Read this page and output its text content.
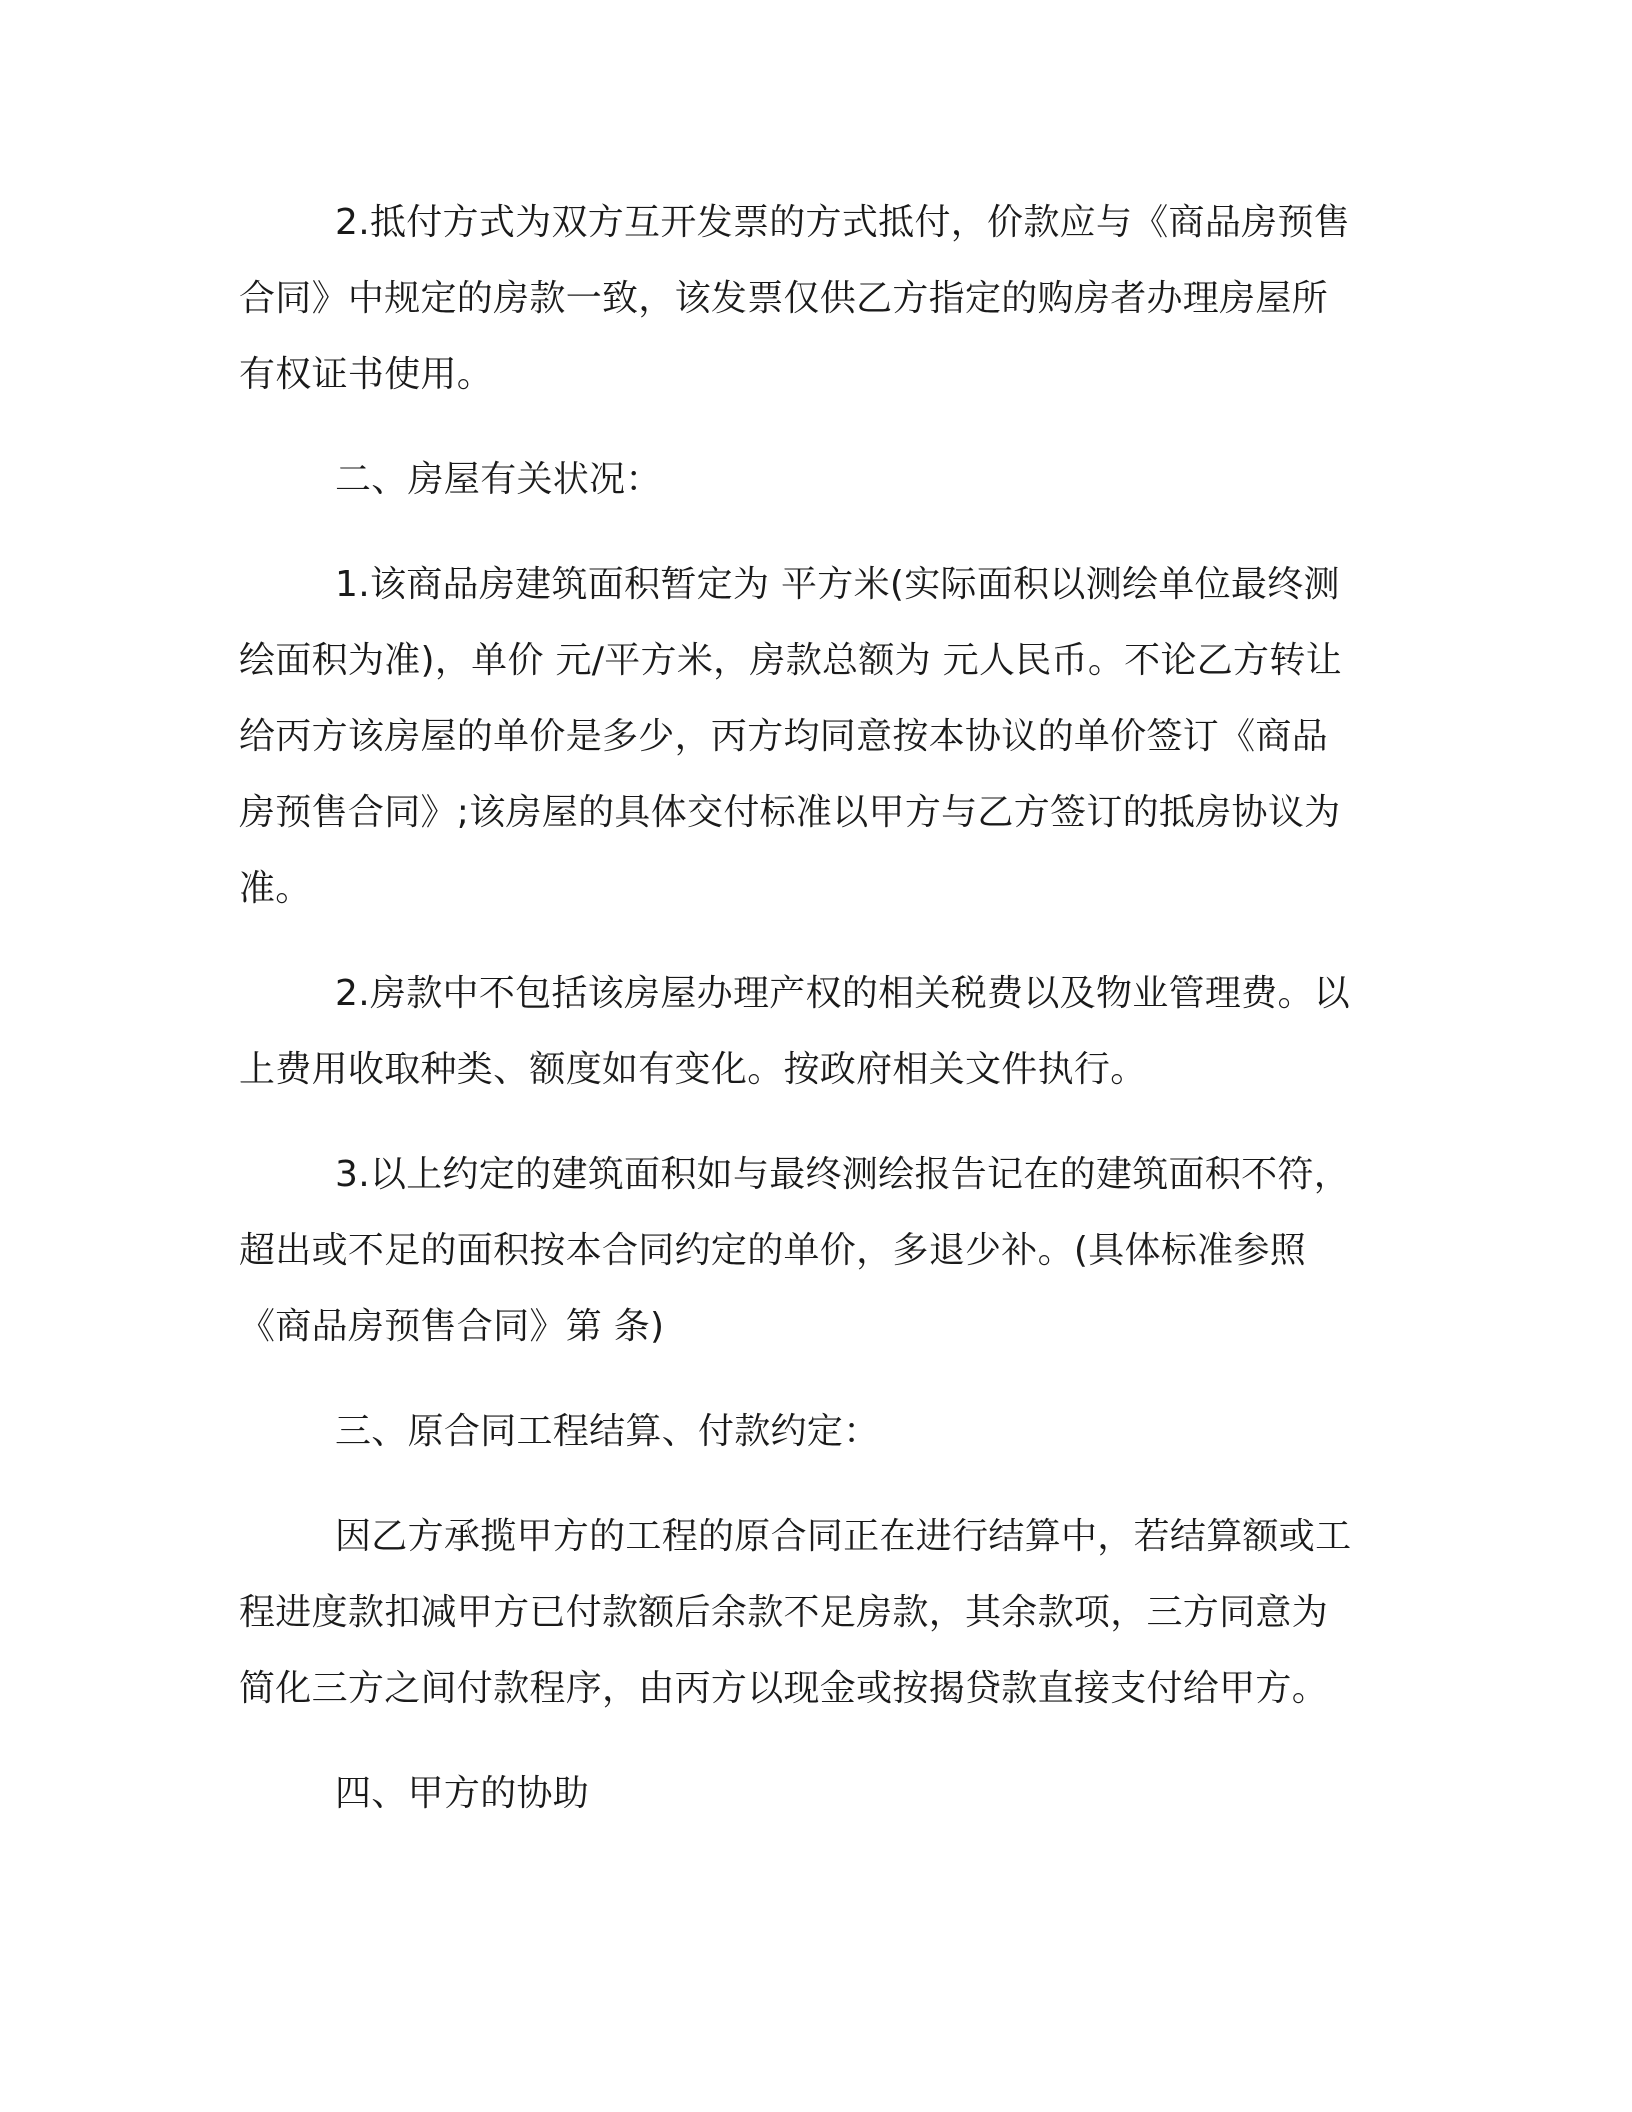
2.抵付方式为双方互开发票的方式抵付，价款应与《商品房预售
合同》中规定的房款一致，该发票仅供乙方指定的购房者办理房屋所
有权证书使用。
二、房屋有关状况：
1.该商品房建筑面积暂定为 平方米(实际面积以测绘单位最终测
绘面积为准)，单价 元/平方米，房款总额为 元人民币。不论乙方转让
给丙方该房屋的单价是多少，丙方均同意按本协议的单价签订《商品
房预售合同》;该房屋的具体交付标准以甲方与乙方签订的抵房协议为
准。
2.房款中不包括该房屋办理产权的相关税费以及物业管理费。以
上费用收取种类、额度如有变化。按政府相关文件执行。
3.以上约定的建筑面积如与最终测绘报告记在的建筑面积不符，
超出或不足的面积按本合同约定的单价，多退少补。(具体标准参照
《商品房预售合同》第 条)
三、原合同工程结算、付款约定：
因乙方承揽甲方的工程的原合同正在进行结算中，若结算额或工
程进度款扣减甲方已付款额后余款不足房款，其余款项，三方同意为
简化三方之间付款程序，由丙方以现金或按揭贷款直接支付给甲方。
四、甲方的协助
